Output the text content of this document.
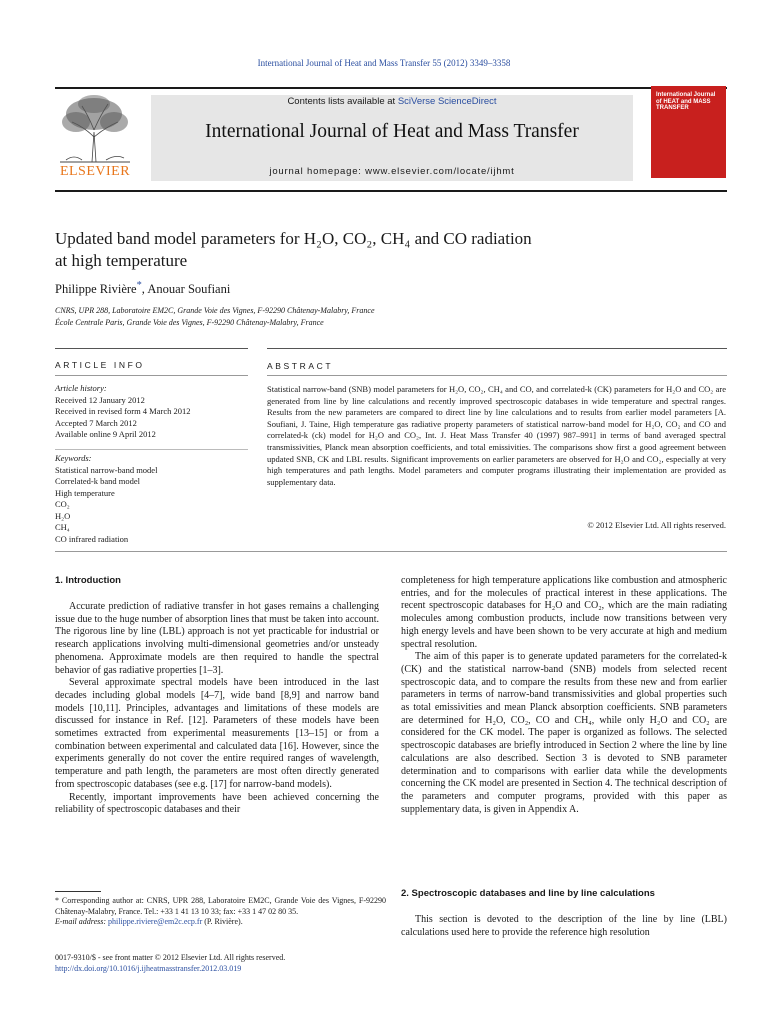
International Journal of Heat and Mass Transfer 55 (2012) 3349–3358
ELSEVIER
Contents lists available at SciVerse ScienceDirect
International Journal of Heat and Mass Transfer
journal homepage: www.elsevier.com/locate/ijhmt
International Journal of HEAT and MASS TRANSFER
Updated band model parameters for H₂O, CO₂, CH₄ and CO radiation
at high temperature
Philippe Rivière*, Anouar Soufiani
CNRS, UPR 288, Laboratoire EM2C, Grande Voie des Vignes, F-92290 Châtenay-Malabry, France
École Centrale Paris, Grande Voie des Vignes, F-92290 Châtenay-Malabry, France
ARTICLE INFO	ABSTRACT
Article history:
Received 12 January 2012
Received in revised form 4 March 2012
Accepted 7 March 2012
Available online 9 April 2012
Keywords:
Statistical narrow-band model
Correlated-k band model
High temperature
CO₂
H₂O
CH₄
CO infrared radiation
Statistical narrow-band (SNB) model parameters for H₂O, CO₂, CH₄ and CO, and correlated-k (CK) parameters for H₂O and CO₂ are generated from line by line calculations and recently improved spectroscopic databases in wide temperature and spectral ranges. Results from the new parameters are compared to direct line by line calculations and to results from earlier model parameters [A. Soufiani, J. Taine, High temperature gas radiative property parameters of statistical narrow-band model for H₂O, CO₂ and CO and correlated-k (ck) model for H₂O and CO₂, Int. J. Heat Mass Transfer 40 (1997) 987–991] in terms of band averaged spectral transmissivities, Planck mean absorption coefficients, and total emissivities. The comparisons show first a good agreement between updated SNB, CK and LBL results. Significant improvements on earlier parameters are observed for H₂O and CO₂, especially at very high temperatures and path lengths. Model parameters and computer programs illustrating their implementation are provided as supplementary data.
© 2012 Elsevier Ltd. All rights reserved.
1. Introduction

Accurate prediction of radiative transfer in hot gases remains a challenging issue due to the huge number of absorption lines that must be taken into account. The rigorous line by line (LBL) approach is not yet practicable for industrial or research applications involving multi-dimensional geometries and/or unsteady phenomena. Approximate models are then required to handle the spectral behavior of gas radiative properties [1–3].

Several approximate spectral models have been introduced in the last decades including global models [4–7], wide band [8,9] and narrow band models [10,11]. Principles, advantages and limitations of these models are discussed for instance in Ref. [12]. Parameters of these models have been sometimes extracted from experimental measurements [13–15] or from a combination between experimental and calculated data [16]. However, since the experiments generally do not cover the entire required ranges of wavelength, temperature and path length, the parameters are most often directly generated from spectroscopic databases (see e.g. [17] for narrow-band models).

Recently, important improvements have been achieved concerning the reliability of spectroscopic databases and their

completeness for high temperature applications like combustion and atmospheric entries, and for the molecules of practical interest in these applications. The recent spectroscopic databases for H₂O and CO₂, which are the main radiating molecules among combustion products, include now transitions between very high energy levels and have been shown to be very accurate at high and medium spectral resolution.

The aim of this paper is to generate updated parameters for the correlated-k (CK) and the statistical narrow-band (SNB) models from selected recent spectroscopic data, and to compare the results from these new and from earlier parameters in terms of narrow-band transmissivities and global properties such as total emissivities and mean Planck absorption coefficients. SNB parameters are determined for H₂O, CO₂, CO and CH₄, while only H₂O and CO₂ are considered for the CK model. The paper is organized as follows. The selected spectroscopic databases are briefly introduced in Section 2 where the line by line calculations are also described. Section 3 is devoted to SNB parameter determination and to comparisons with earlier data while the developments concerning the CK model are presented in Section 4. The technical description of the parameters and computer programs, provided with this paper as supplementary data, is given in Appendix A.

2. Spectroscopic databases and line by line calculations

This section is devoted to the description of the line by line (LBL) calculations used here to provide the reference high resolution

* Corresponding author at: CNRS, UPR 288, Laboratoire EM2C, Grande Voie des Vignes, F-92290 Châtenay-Malabry, France. Tel.: +33 1 41 13 10 33; fax: +33 1 47 02 80 35.
E-mail address: philippe.riviere@em2c.ecp.fr (P. Rivière).
0017-9310/$ - see front matter © 2012 Elsevier Ltd. All rights reserved.
http://dx.doi.org/10.1016/j.ijheatmasstransfer.2012.03.019
